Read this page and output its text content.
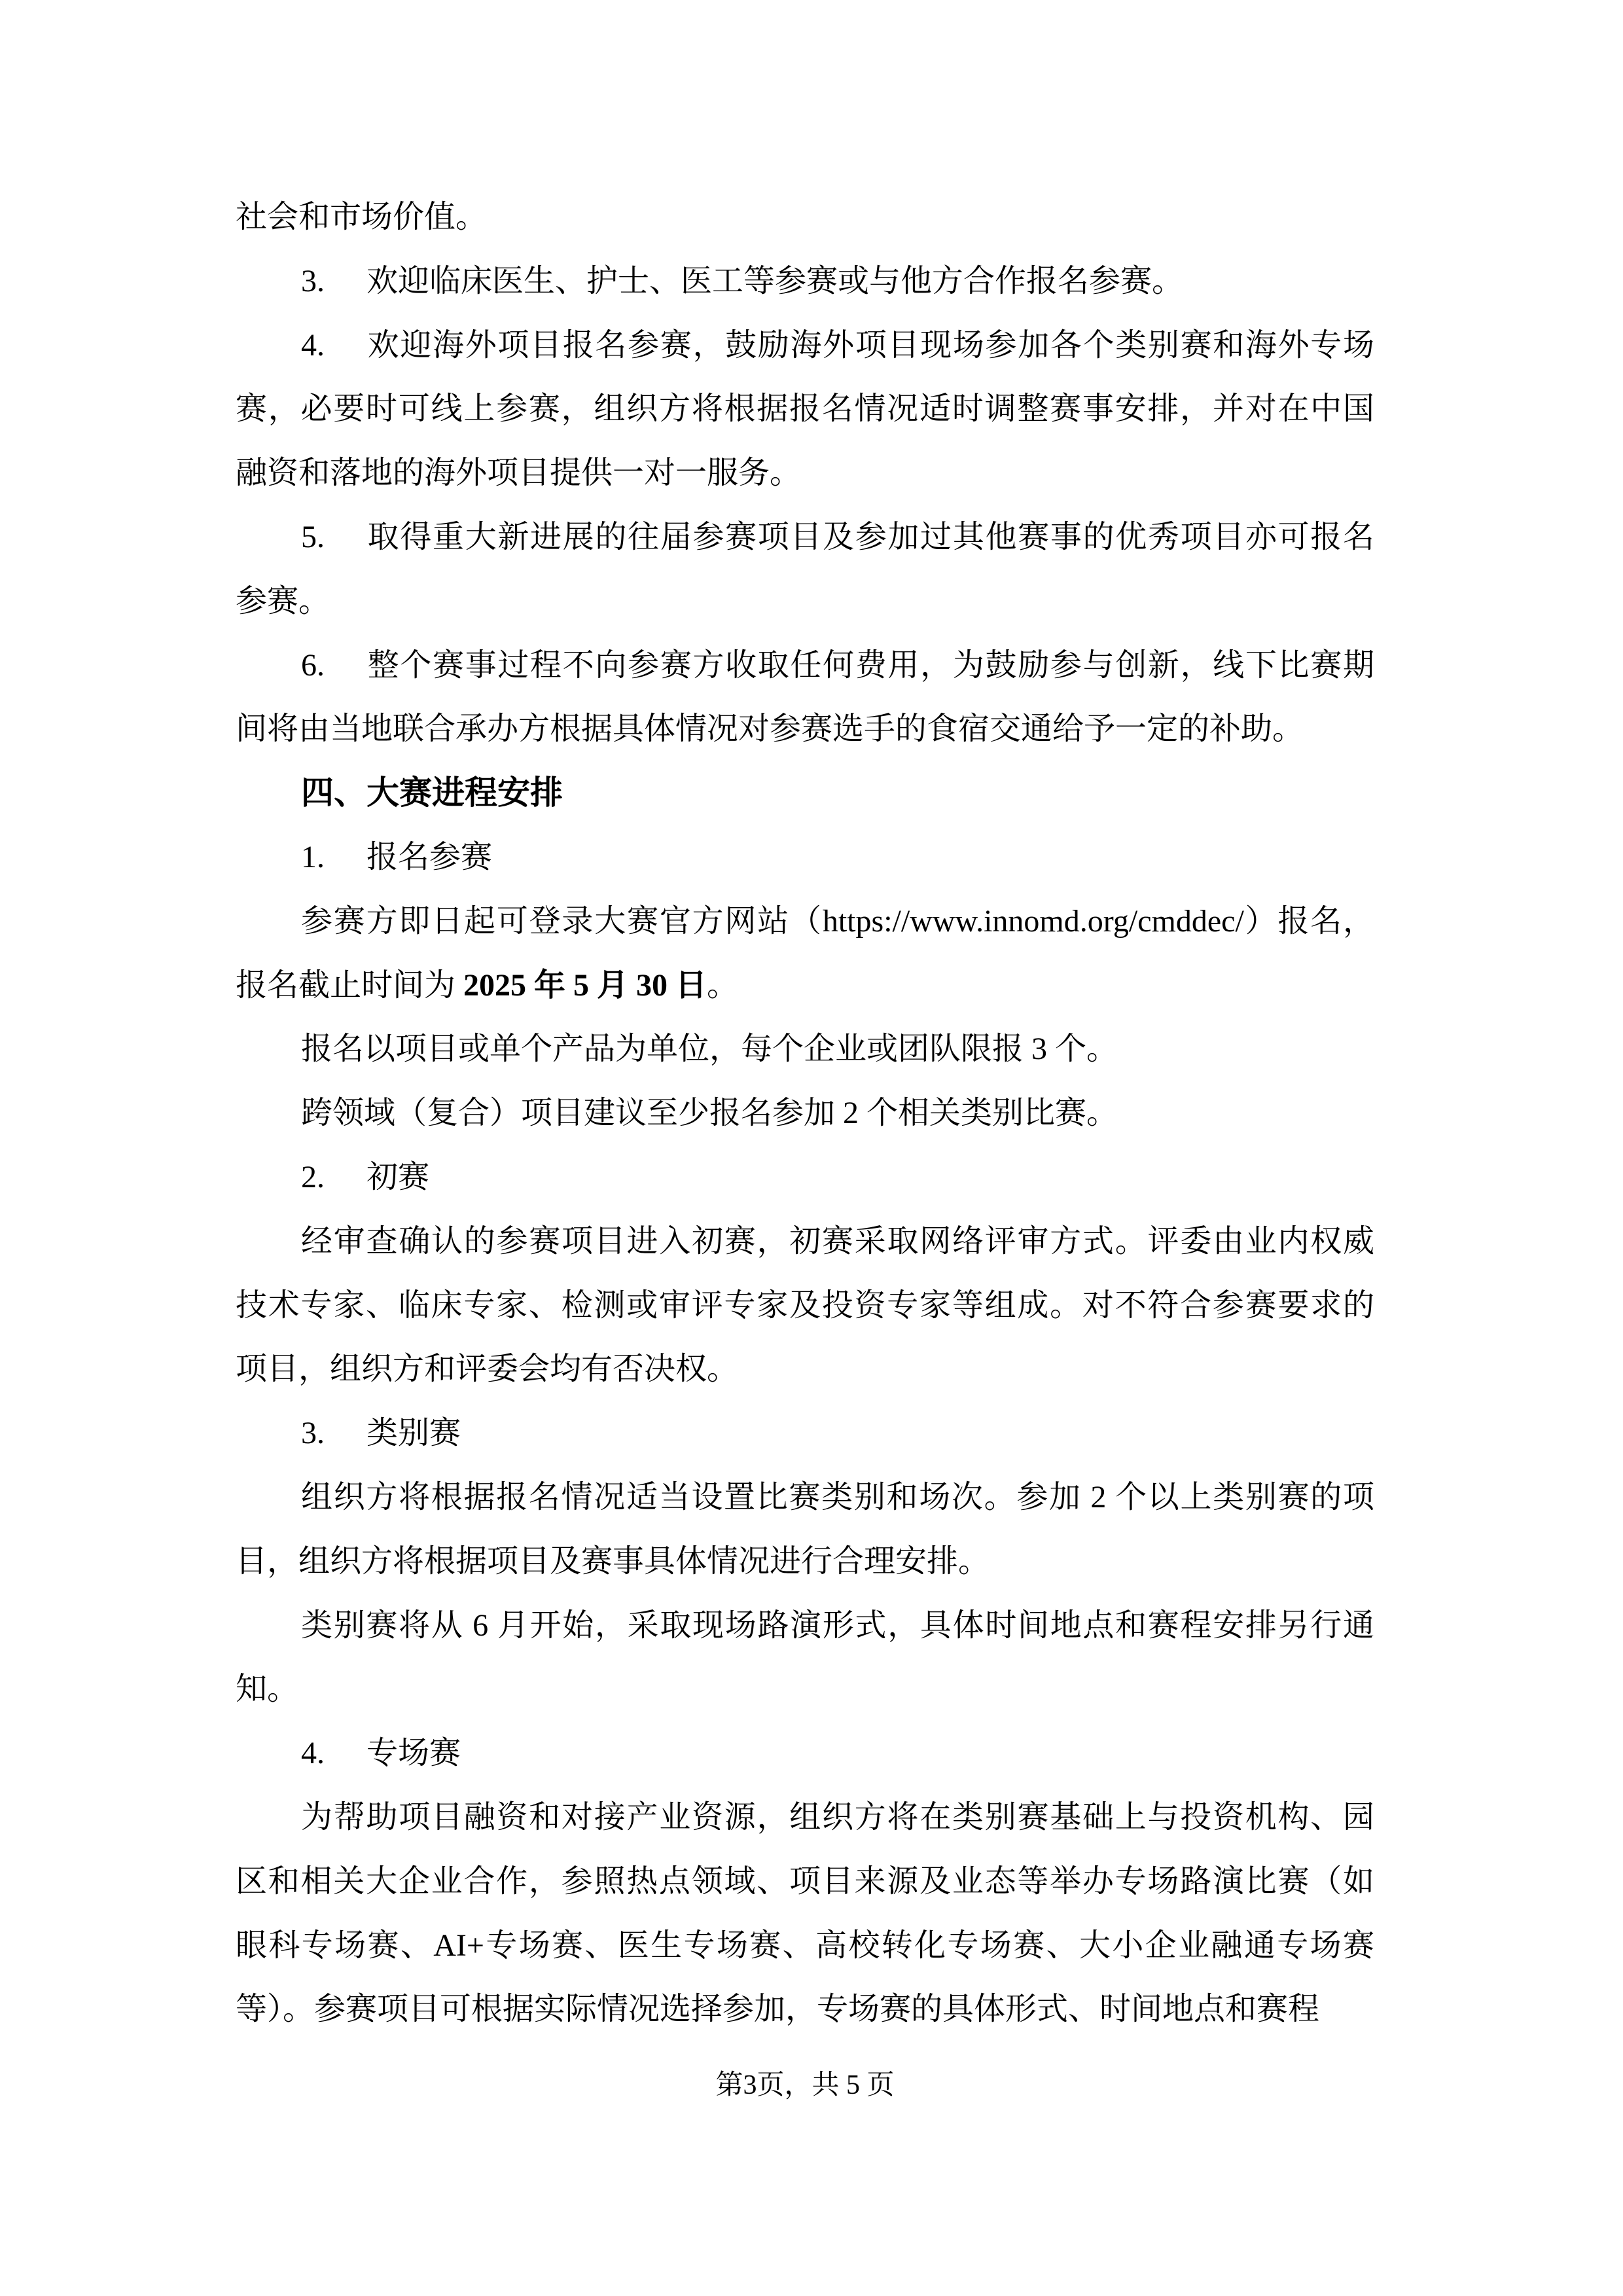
社会和市场价值。
3. 欢迎临床医生、护士、医工等参赛或与他方合作报名参赛。
4. 欢迎海外项目报名参赛，鼓励海外项目现场参加各个类别赛和海外专场
赛，必要时可线上参赛，组织方将根据报名情况适时调整赛事安排，并对在中国
融资和落地的海外项目提供一对一服务。
5. 取得重大新进展的往届参赛项目及参加过其他赛事的优秀项目亦可报名
参赛。
6. 整个赛事过程不向参赛方收取任何费用，为鼓励参与创新，线下比赛期
间将由当地联合承办方根据具体情况对参赛选手的食宿交通给予一定的补助。
四、大赛进程安排
1. 报名参赛
参赛方即日起可登录大赛官方网站（https://www.innomd.org/cmddec/）报名，
报名截止时间为 2025 年 5 月 30 日。
报名以项目或单个产品为单位，每个企业或团队限报 3 个。
跨领域（复合）项目建议至少报名参加 2 个相关类别比赛。
2. 初赛
经审查确认的参赛项目进入初赛，初赛采取网络评审方式。评委由业内权威
技术专家、临床专家、检测或审评专家及投资专家等组成。对不符合参赛要求的
项目，组织方和评委会均有否决权。
3. 类别赛
组织方将根据报名情况适当设置比赛类别和场次。参加 2 个以上类别赛的项
目，组织方将根据项目及赛事具体情况进行合理安排。
类别赛将从 6 月开始，采取现场路演形式，具体时间地点和赛程安排另行通
知。
4. 专场赛
为帮助项目融资和对接产业资源，组织方将在类别赛基础上与投资机构、园
区和相关大企业合作，参照热点领域、项目来源及业态等举办专场路演比赛（如
眼科专场赛、AI+专场赛、医生专场赛、高校转化专场赛、大小企业融通专场赛
等）。参赛项目可根据实际情况选择参加，专场赛的具体形式、时间地点和赛程
第3页，共 5 页
